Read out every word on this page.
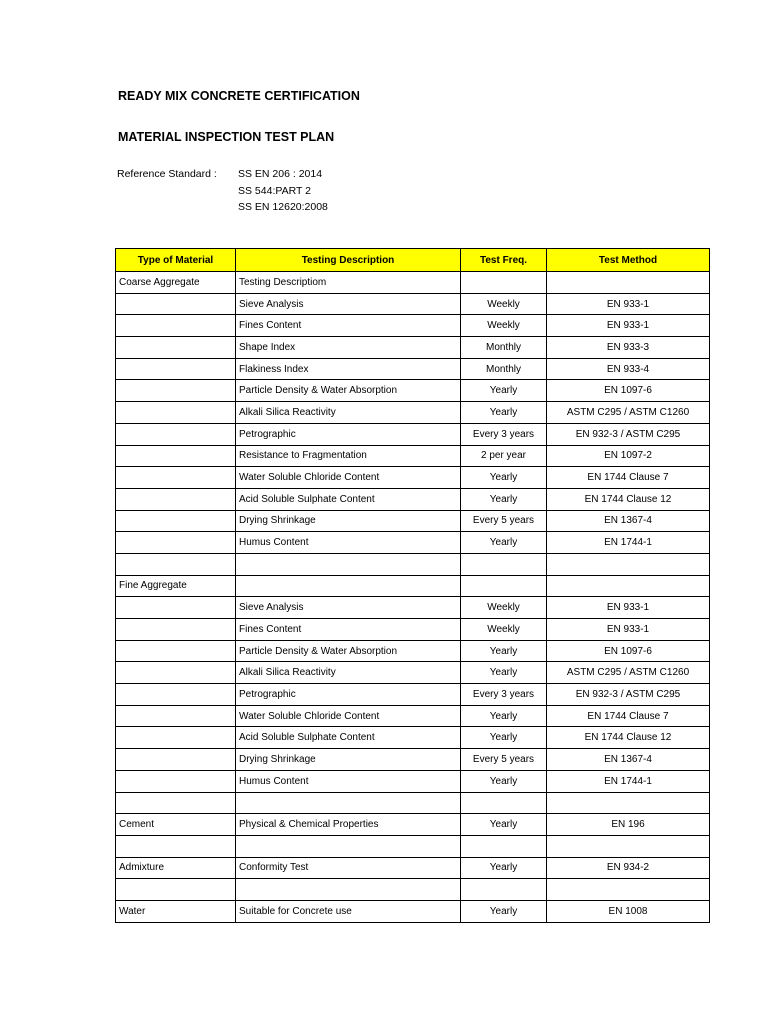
READY MIX CONCRETE CERTIFICATION
MATERIAL INSPECTION TEST PLAN
Reference Standard : SS EN 206 : 2014
SS 544:PART 2
SS EN 12620:2008
Type of Material	Testing Description	Test Freq.	Test Method
Coarse Aggregate	Testing Descriptiom		
	Sieve Analysis	Weekly	EN 933-1
	Fines Content	Weekly	EN 933-1
	Shape Index	Monthly	EN 933-3
	Flakiness Index	Monthly	EN 933-4
	Particle Density & Water Absorption	Yearly	EN 1097-6
	Alkali Silica Reactivity	Yearly	ASTM C295 / ASTM C1260
	Petrographic	Every 3 years	EN 932-3 / ASTM C295
	Resistance to Fragmentation	2 per year	EN 1097-2
	Water Soluble Chloride Content	Yearly	EN 1744 Clause 7
	Acid Soluble Sulphate Content	Yearly	EN 1744 Clause 12
	Drying Shrinkage	Every 5 years	EN 1367-4
	Humus Content	Yearly	EN 1744-1

Fine Aggregate			
	Sieve Analysis	Weekly	EN 933-1
	Fines Content	Weekly	EN 933-1
	Particle Density & Water Absorption	Yearly	EN 1097-6
	Alkali Silica Reactivity	Yearly	ASTM C295 / ASTM C1260
	Petrographic	Every 3 years	EN 932-3 / ASTM C295
	Water Soluble Chloride Content	Yearly	EN 1744 Clause 7
	Acid Soluble Sulphate Content	Yearly	EN 1744 Clause 12
	Drying Shrinkage	Every 5 years	EN 1367-4
	Humus Content	Yearly	EN 1744-1

Cement	Physical & Chemical Properties	Yearly	EN 196

Admixture	Conformity Test	Yearly	EN 934-2

Water	Suitable for Concrete use	Yearly	EN 1008
